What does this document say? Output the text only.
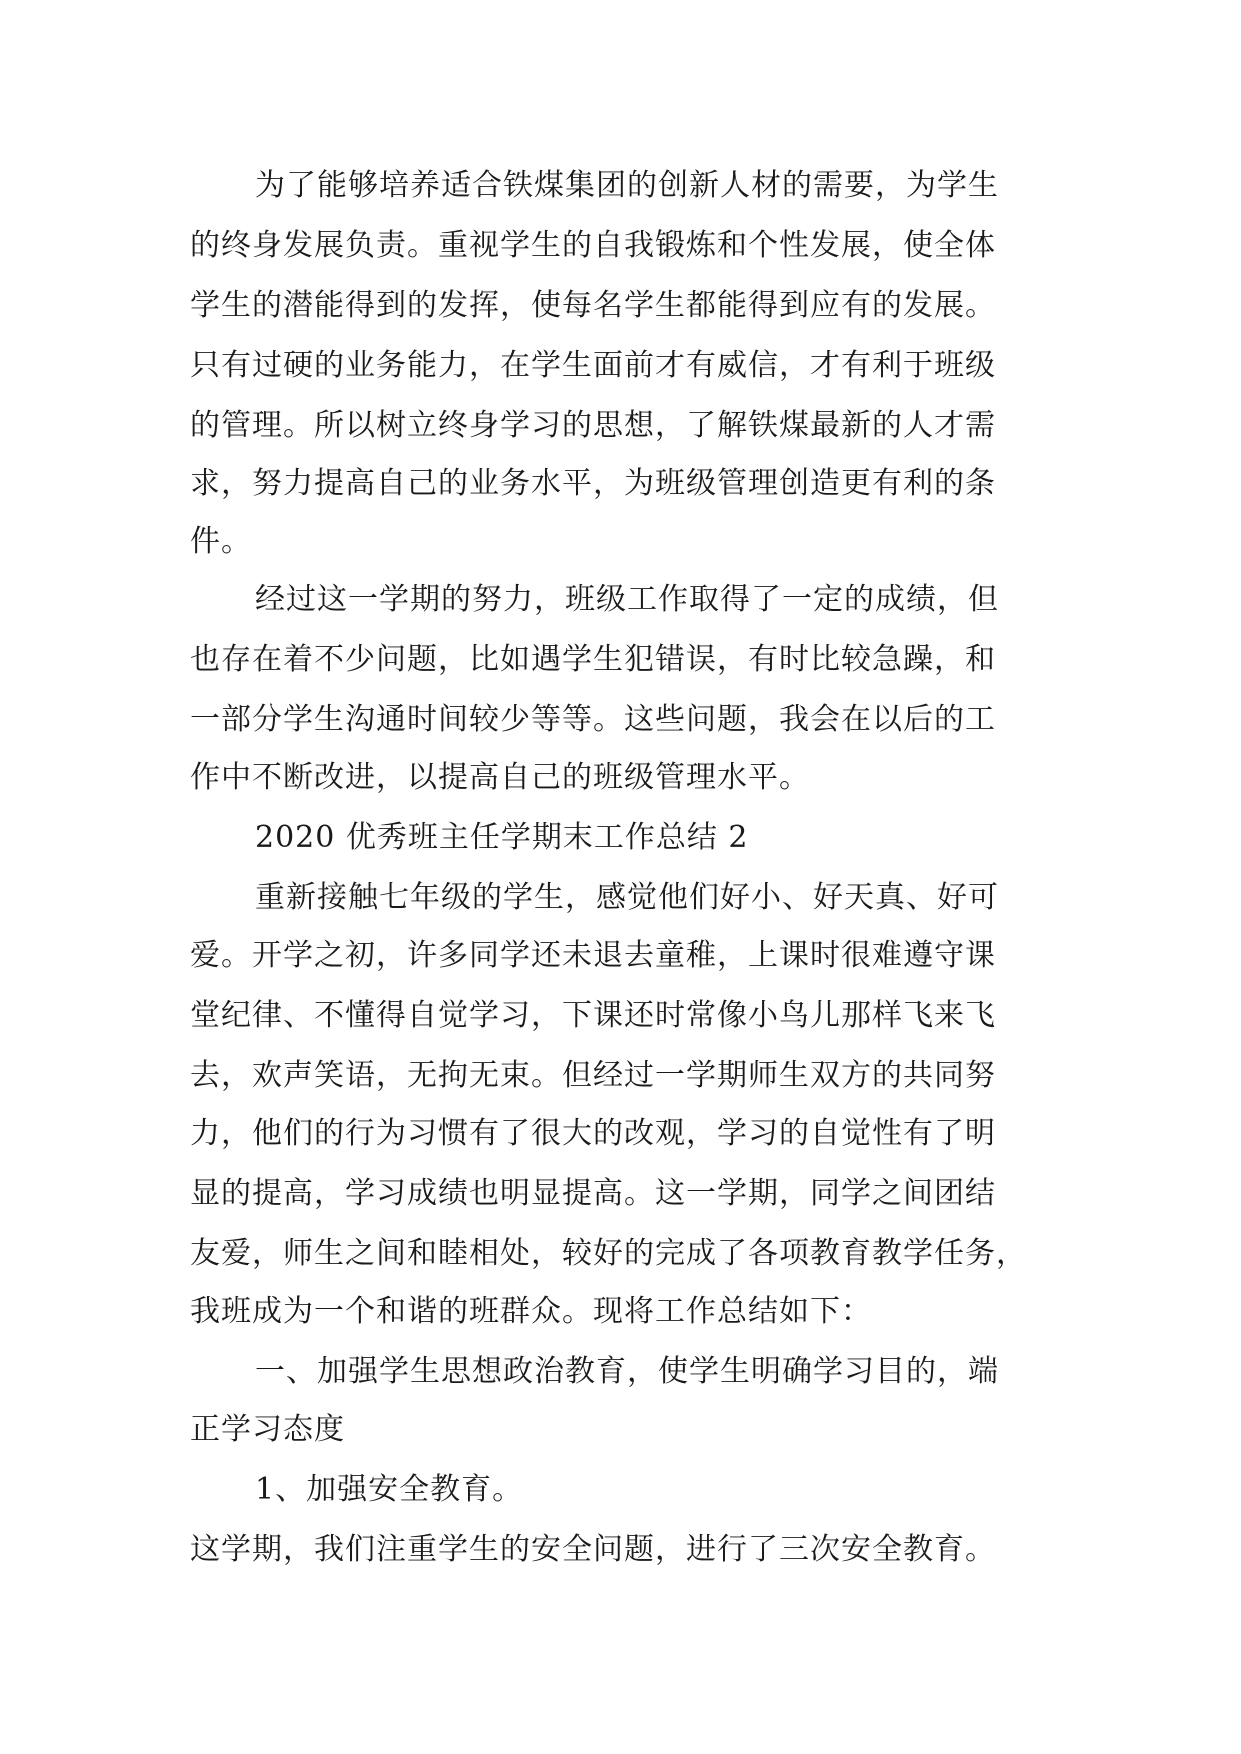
为了能够培养适合铁煤集团的创新人材的需要，为学生
的终身发展负责。重视学生的自我锻炼和个性发展，使全体
学生的潜能得到的发挥，使每名学生都能得到应有的发展。
只有过硬的业务能力，在学生面前才有威信，才有利于班级
的管理。所以树立终身学习的思想，了解铁煤最新的人才需
求，努力提高自己的业务水平，为班级管理创造更有利的条
件。
经过这一学期的努力，班级工作取得了一定的成绩，但
也存在着不少问题，比如遇学生犯错误，有时比较急躁，和
一部分学生沟通时间较少等等。这些问题，我会在以后的工
作中不断改进，以提高自己的班级管理水平。
2020 优秀班主任学期末工作总结 2
重新接触七年级的学生，感觉他们好小、好天真、好可
爱。开学之初，许多同学还未退去童稚，上课时很难遵守课
堂纪律、不懂得自觉学习，下课还时常像小鸟儿那样飞来飞
去，欢声笑语，无拘无束。但经过一学期师生双方的共同努
力，他们的行为习惯有了很大的改观，学习的自觉性有了明
显的提高，学习成绩也明显提高。这一学期，同学之间团结
友爱，师生之间和睦相处，较好的完成了各项教育教学任务，
我班成为一个和谐的班群众。现将工作总结如下：
一、加强学生思想政治教育，使学生明确学习目的，端
正学习态度
1、加强安全教育。
这学期，我们注重学生的安全问题，进行了三次安全教育。
